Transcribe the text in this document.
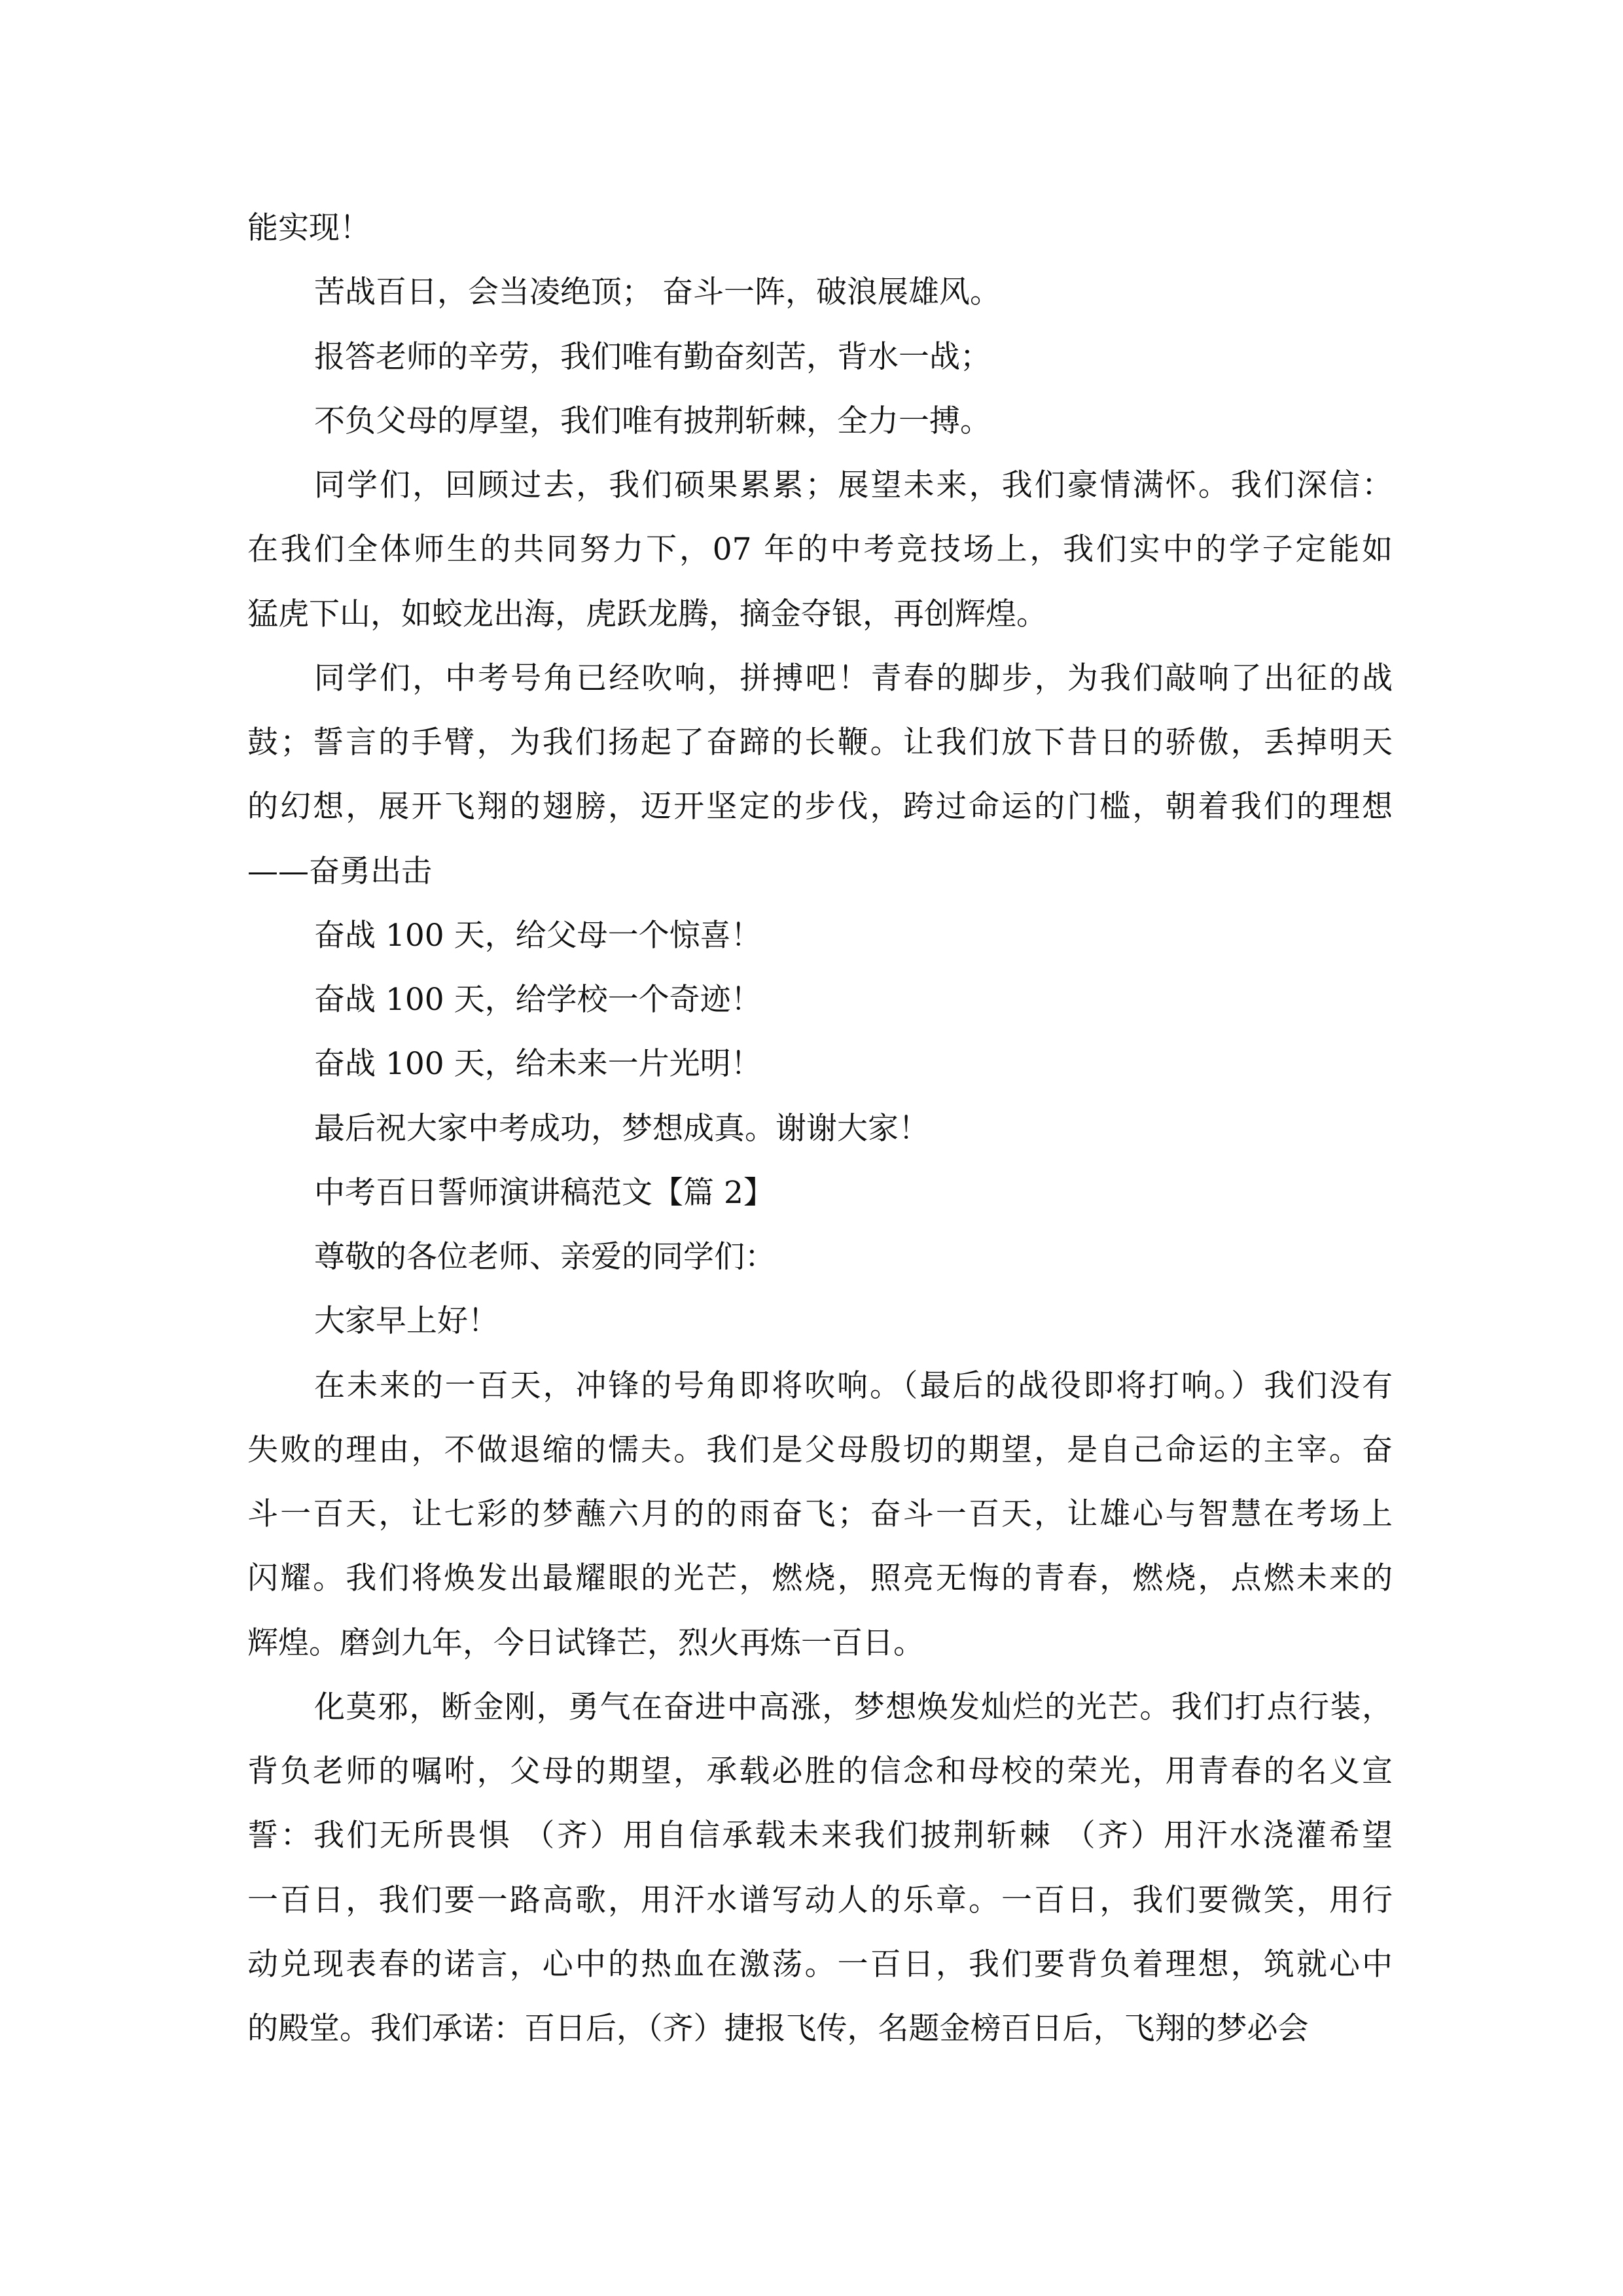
能实现！
苦战百日，会当凌绝顶； 奋斗一阵，破浪展雄风。
报答老师的辛劳，我们唯有勤奋刻苦，背水一战；
不负父母的厚望，我们唯有披荆斩棘，全力一搏。
同学们，回顾过去，我们硕果累累；展望未来，我们豪情满怀。我们深信：
在我们全体师生的共同努力下，07 年的中考竞技场上，我们实中的学子定能如
猛虎下山，如蛟龙出海，虎跃龙腾，摘金夺银，再创辉煌。
同学们，中考号角已经吹响，拼搏吧！青春的脚步，为我们敲响了出征的战
鼓；誓言的手臂，为我们扬起了奋蹄的长鞭。让我们放下昔日的骄傲，丢掉明天
的幻想，展开飞翔的翅膀，迈开坚定的步伐，跨过命运的门槛，朝着我们的理想
——奋勇出击
奋战 100 天，给父母一个惊喜！
奋战 100 天，给学校一个奇迹！
奋战 100 天，给未来一片光明！
最后祝大家中考成功，梦想成真。谢谢大家！
中考百日誓师演讲稿范文【篇 2】
尊敬的各位老师、亲爱的同学们：
大家早上好！
在未来的一百天，冲锋的号角即将吹响。（最后的战役即将打响。）我们没有
失败的理由，不做退缩的懦夫。我们是父母殷切的期望，是自己命运的主宰。奋
斗一百天，让七彩的梦蘸六月的的雨奋飞；奋斗一百天，让雄心与智慧在考场上
闪耀。我们将焕发出最耀眼的光芒，燃烧，照亮无悔的青春，燃烧，点燃未来的
辉煌。磨剑九年，今日试锋芒，烈火再炼一百日。
化莫邪，断金刚，勇气在奋进中高涨，梦想焕发灿烂的光芒。我们打点行装，
背负老师的嘱咐，父母的期望，承载必胜的信念和母校的荣光，用青春的名义宣
誓：我们无所畏惧 （齐）用自信承载未来我们披荆斩棘 （齐）用汗水浇灌希望
一百日，我们要一路高歌，用汗水谱写动人的乐章。一百日，我们要微笑，用行
动兑现表春的诺言，心中的热血在激荡。一百日，我们要背负着理想，筑就心中
的殿堂。我们承诺：百日后，（齐）捷报飞传，名题金榜百日后，飞翔的梦必会
